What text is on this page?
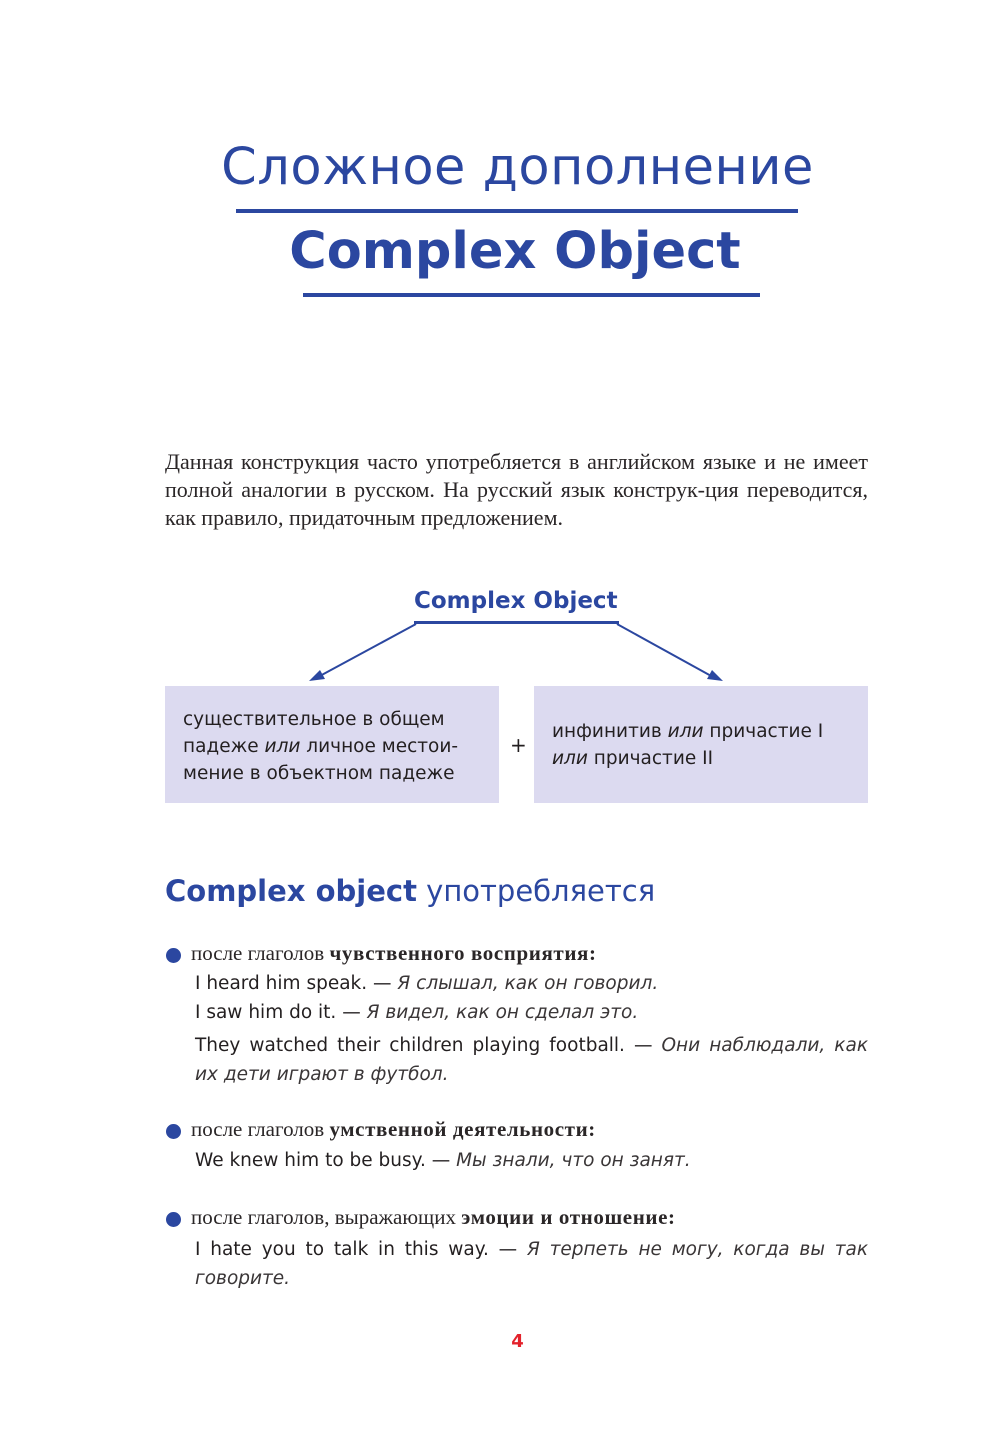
Сложное дополнение
Complex Object
Данная конструкция часто употребляется в английском языке и не имеет полной аналогии в русском. На русский язык конструк-ция переводится, как правило, придаточным предложением.
Complex Object
существительное в общем
падеже или личное местои-
мение в объектном падеже
+
инфинитив или причастие I
или причастие II
Complex object употребляется
после глаголов чувственного восприятия:
I heard him speak. — Я слышал, как он говорил.
I saw him do it. — Я видел, как он сделал это.
They watched their children playing football. — Они наблюдали, как их дети играют в футбол.
после глаголов умственной деятельности:
We knew him to be busy. — Мы знали, что он занят.
после глаголов, выражающих эмоции и отношение:
I hate you to talk in this way. — Я терпеть не могу, когда вы так говорите.
4
